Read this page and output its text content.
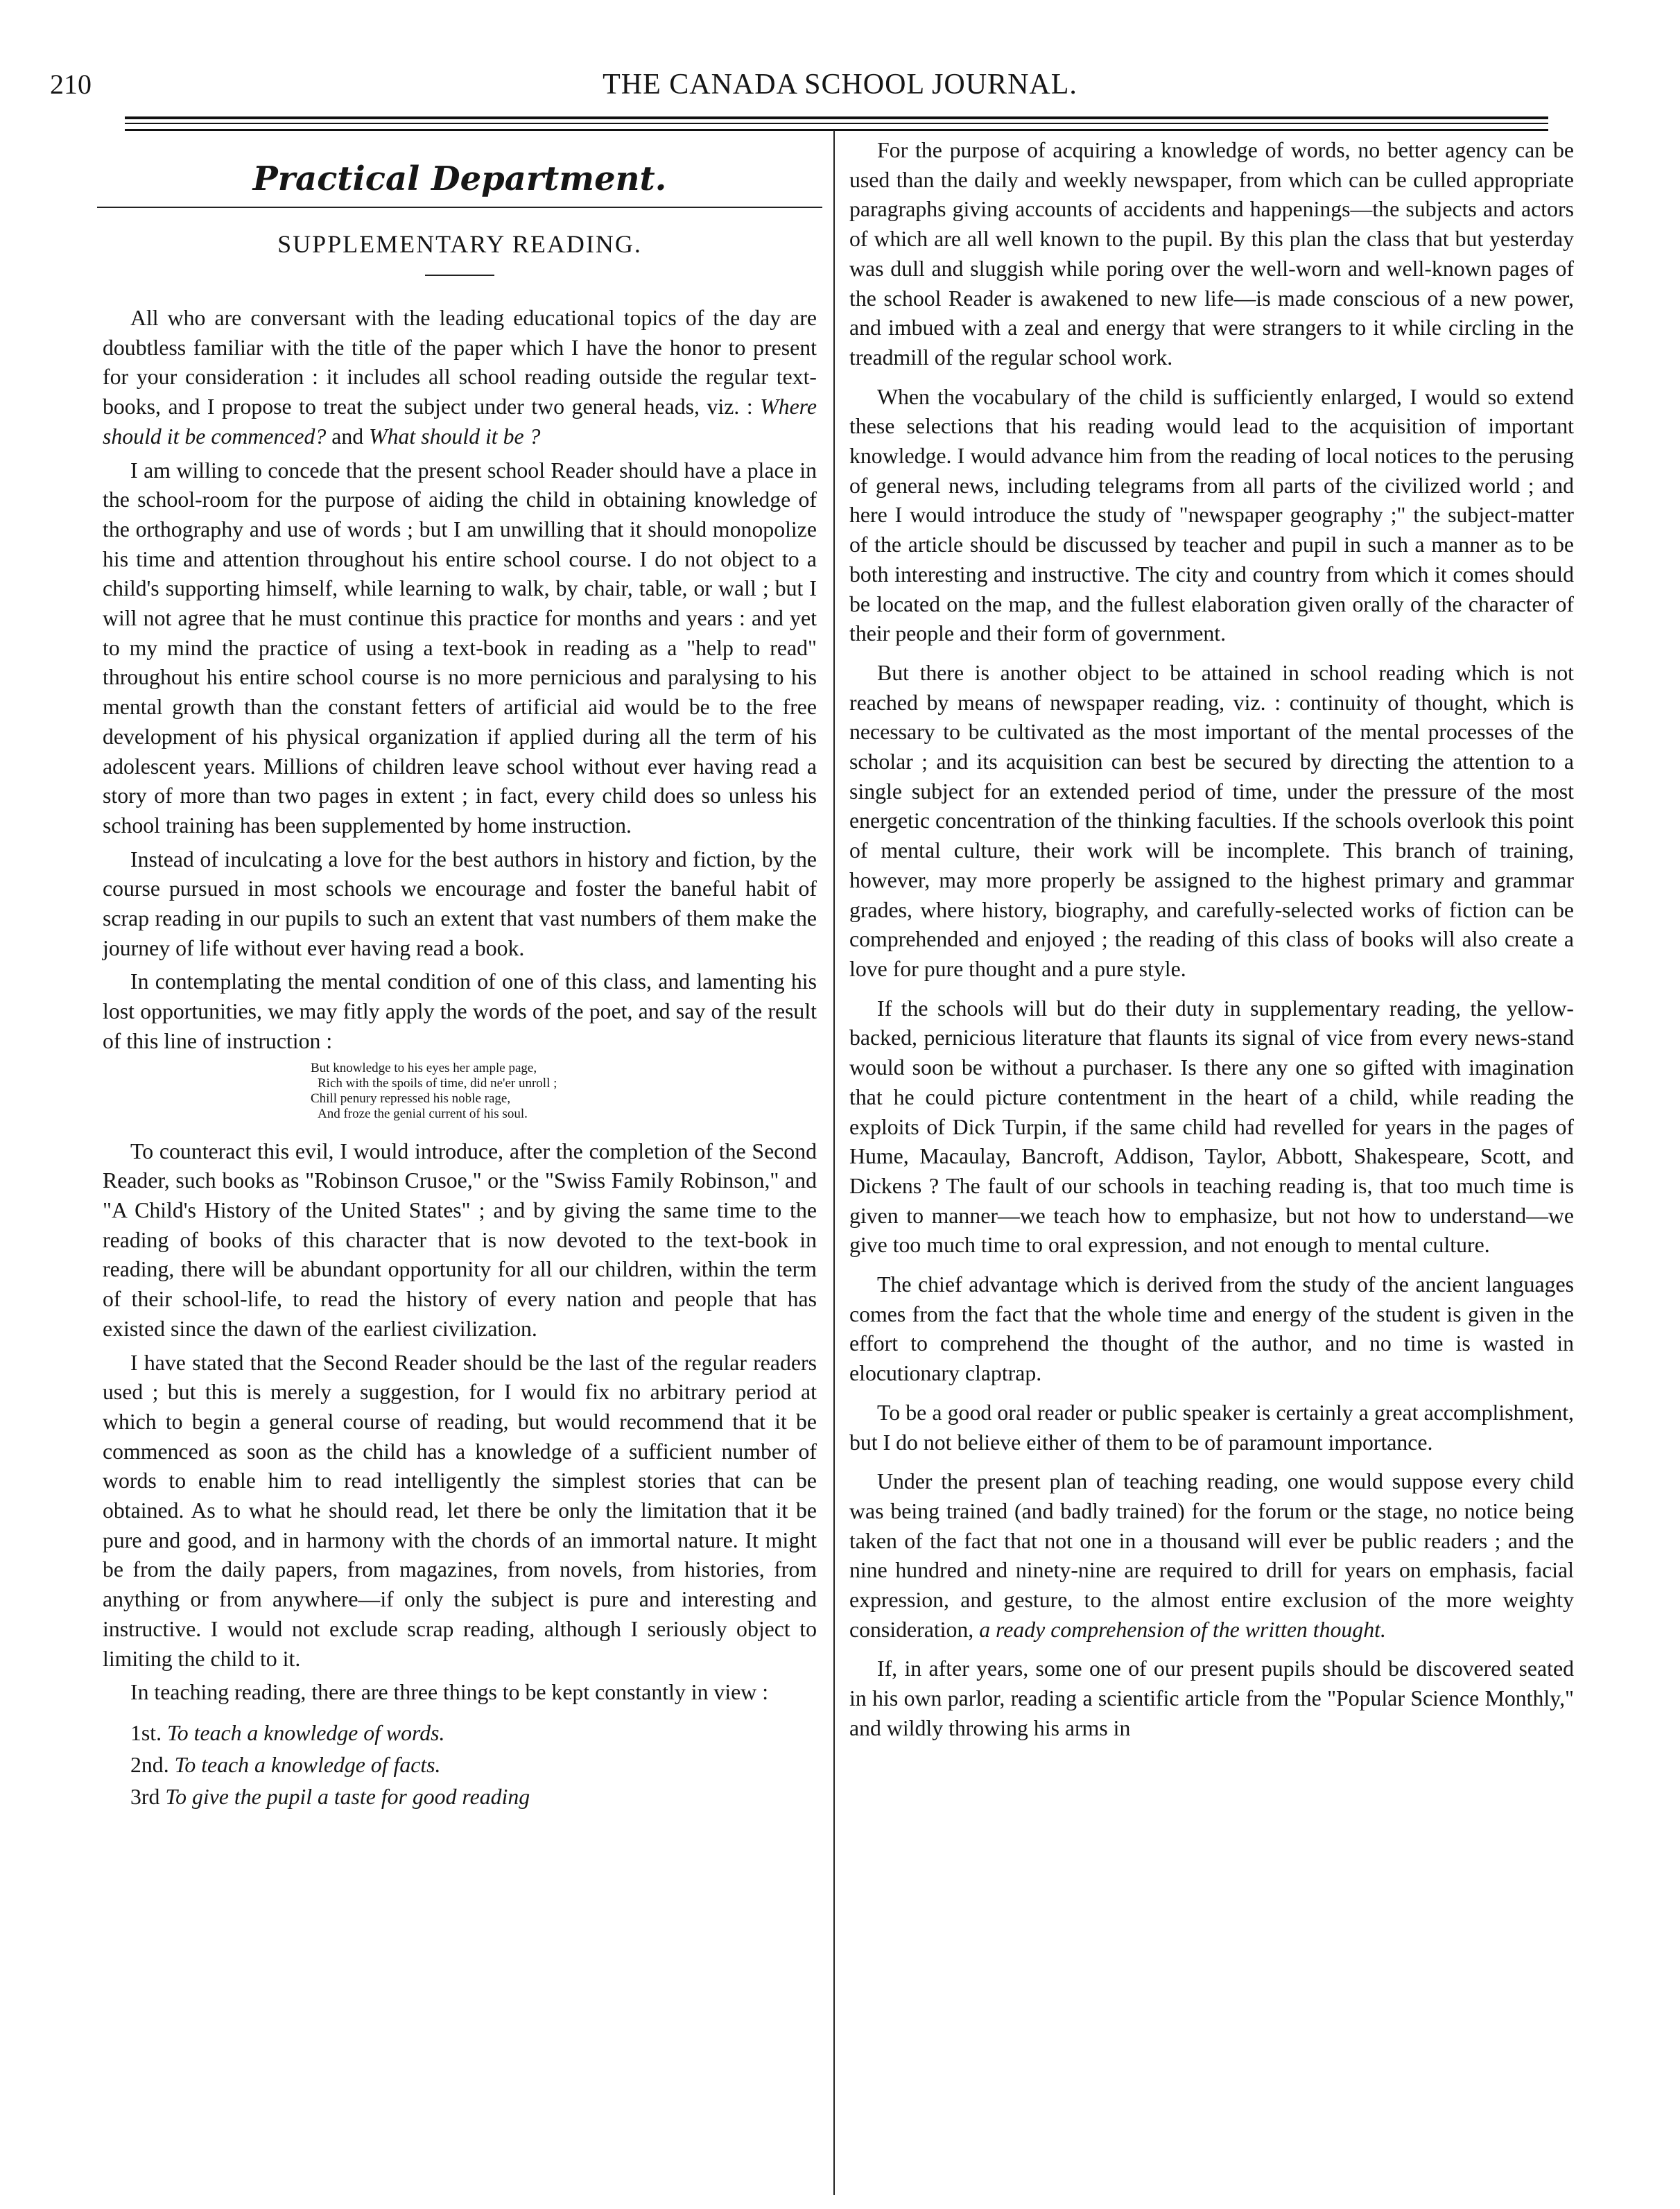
210	THE CANADA SCHOOL JOURNAL.
Practical Department.
SUPPLEMENTARY READING.

All who are conversant with the leading educational topics of the day are doubtless familiar with the title of the paper which I have the honor to present for your consideration : it includes all school reading outside the regular text-books, and I propose to treat the subject under two general heads, viz. : Where should it be commenced? and What should it be ?

I am willing to concede that the present school Reader should have a place in the school-room for the purpose of aiding the child in obtaining knowledge of the orthography and use of words ; but I am unwilling that it should monopolize his time and attention throughout his entire school course. I do not object to a child's supporting himself, while learning to walk, by chair, table, or wall ; but I will not agree that he must continue this practice for months and years : and yet to my mind the practice of using a text-book in reading as a "help to read" throughout his entire school course is no more pernicious and paralysing to his mental growth than the constant fetters of artificial aid would be to the free development of his physical organization if applied during all the term of his adolescent years. Millions of children leave school without ever having read a story of more than two pages in extent ; in fact, every child does so unless his school training has been supplemented by home instruction.

Instead of inculcating a love for the best authors in history and fiction, by the course pursued in most schools we encourage and foster the baneful habit of scrap reading in our pupils to such an extent that vast numbers of them make the journey of life without ever having read a book.

In contemplating the mental condition of one of this class, and lamenting his lost opportunities, we may fitly apply the words of the poet, and say of the result of this line of instruction :

But knowledge to his eyes her ample page,
Rich with the spoils of time, did ne'er unroll ;
Chill penury repressed his noble rage,
And froze the genial current of his soul.

To counteract this evil, I would introduce, after the completion of the Second Reader, such books as "Robinson Crusoe," or the "Swiss Family Robinson," and "A Child's History of the United States" ; and by giving the same time to the reading of books of this character that is now devoted to the text-book in reading, there will be abundant opportunity for all our children, within the term of their school-life, to read the history of every nation and people that has existed since the dawn of the earliest civilization.

I have stated that the Second Reader should be the last of the regular readers used ; but this is merely a suggestion, for I would fix no arbitrary period at which to begin a general course of reading, but would recommend that it be commenced as soon as the child has a knowledge of a sufficient number of words to enable him to read intelligently the simplest stories that can be obtained. As to what he should read, let there be only the limitation that it be pure and good, and in harmony with the chords of an immortal nature. It might be from the daily papers, from magazines, from novels, from histories, from anything or from anywhere—if only the subject is pure and interesting and instructive. I would not exclude scrap reading, although I seriously object to limiting the child to it.

In teaching reading, there are three things to be kept constantly in view :

1st. To teach a knowledge of words.
2nd. To teach a knowledge of facts.
3rd To give the pupil a taste for good reading

For the purpose of acquiring a knowledge of words, no better agency can be used than the daily and weekly newspaper, from which can be culled appropriate paragraphs giving accounts of accidents and happenings—the subjects and actors of which are all well known to the pupil. By this plan the class that but yesterday was dull and sluggish while poring over the well-worn and well-known pages of the school Reader is awakened to new life—is made conscious of a new power, and imbued with a zeal and energy that were strangers to it while circling in the treadmill of the regular school work.

When the vocabulary of the child is sufficiently enlarged, I would so extend these selections that his reading would lead to the acquisition of important knowledge. I would advance him from the reading of local notices to the perusing of general news, including telegrams from all parts of the civilized world ; and here I would introduce the study of "newspaper geography ;" the subject-matter of the article should be discussed by teacher and pupil in such a manner as to be both interesting and instructive. The city and country from which it comes should be located on the map, and the fullest elaboration given orally of the character of their people and their form of government.

But there is another object to be attained in school reading which is not reached by means of newspaper reading, viz. : continuity of thought, which is necessary to be cultivated as the most important of the mental processes of the scholar ; and its acquisition can best be secured by directing the attention to a single subject for an extended period of time, under the pressure of the most energetic concentration of the thinking faculties. If the schools overlook this point of mental culture, their work will be incomplete. This branch of training, however, may more properly be assigned to the highest primary and grammar grades, where history, biography, and carefully-selected works of fiction can be comprehended and enjoyed ; the reading of this class of books will also create a love for pure thought and a pure style.

If the schools will but do their duty in supplementary reading, the yellow-backed, pernicious literature that flaunts its signal of vice from every news-stand would soon be without a purchaser. Is there any one so gifted with imagination that he could picture contentment in the heart of a child, while reading the exploits of Dick Turpin, if the same child had revelled for years in the pages of Hume, Macaulay, Bancroft, Addison, Taylor, Abbott, Shakespeare, Scott, and Dickens ? The fault of our schools in teaching reading is, that too much time is given to manner—we teach how to emphasize, but not how to understand—we give too much time to oral expression, and not enough to mental culture.

The chief advantage which is derived from the study of the ancient languages comes from the fact that the whole time and energy of the student is given in the effort to comprehend the thought of the author, and no time is wasted in elocutionary claptrap.

To be a good oral reader or public speaker is certainly a great accomplishment, but I do not believe either of them to be of paramount importance.

Under the present plan of teaching reading, one would suppose every child was being trained (and badly trained) for the forum or the stage, no notice being taken of the fact that not one in a thousand will ever be public readers ; and the nine hundred and ninety-nine are required to drill for years on emphasis, facial expression, and gesture, to the almost entire exclusion of the more weighty consideration, a ready comprehension of the written thought.

If, in after years, some one of our present pupils should be discovered seated in his own parlor, reading a scientific article from the "Popular Science Monthly," and wildly throwing his arms in
